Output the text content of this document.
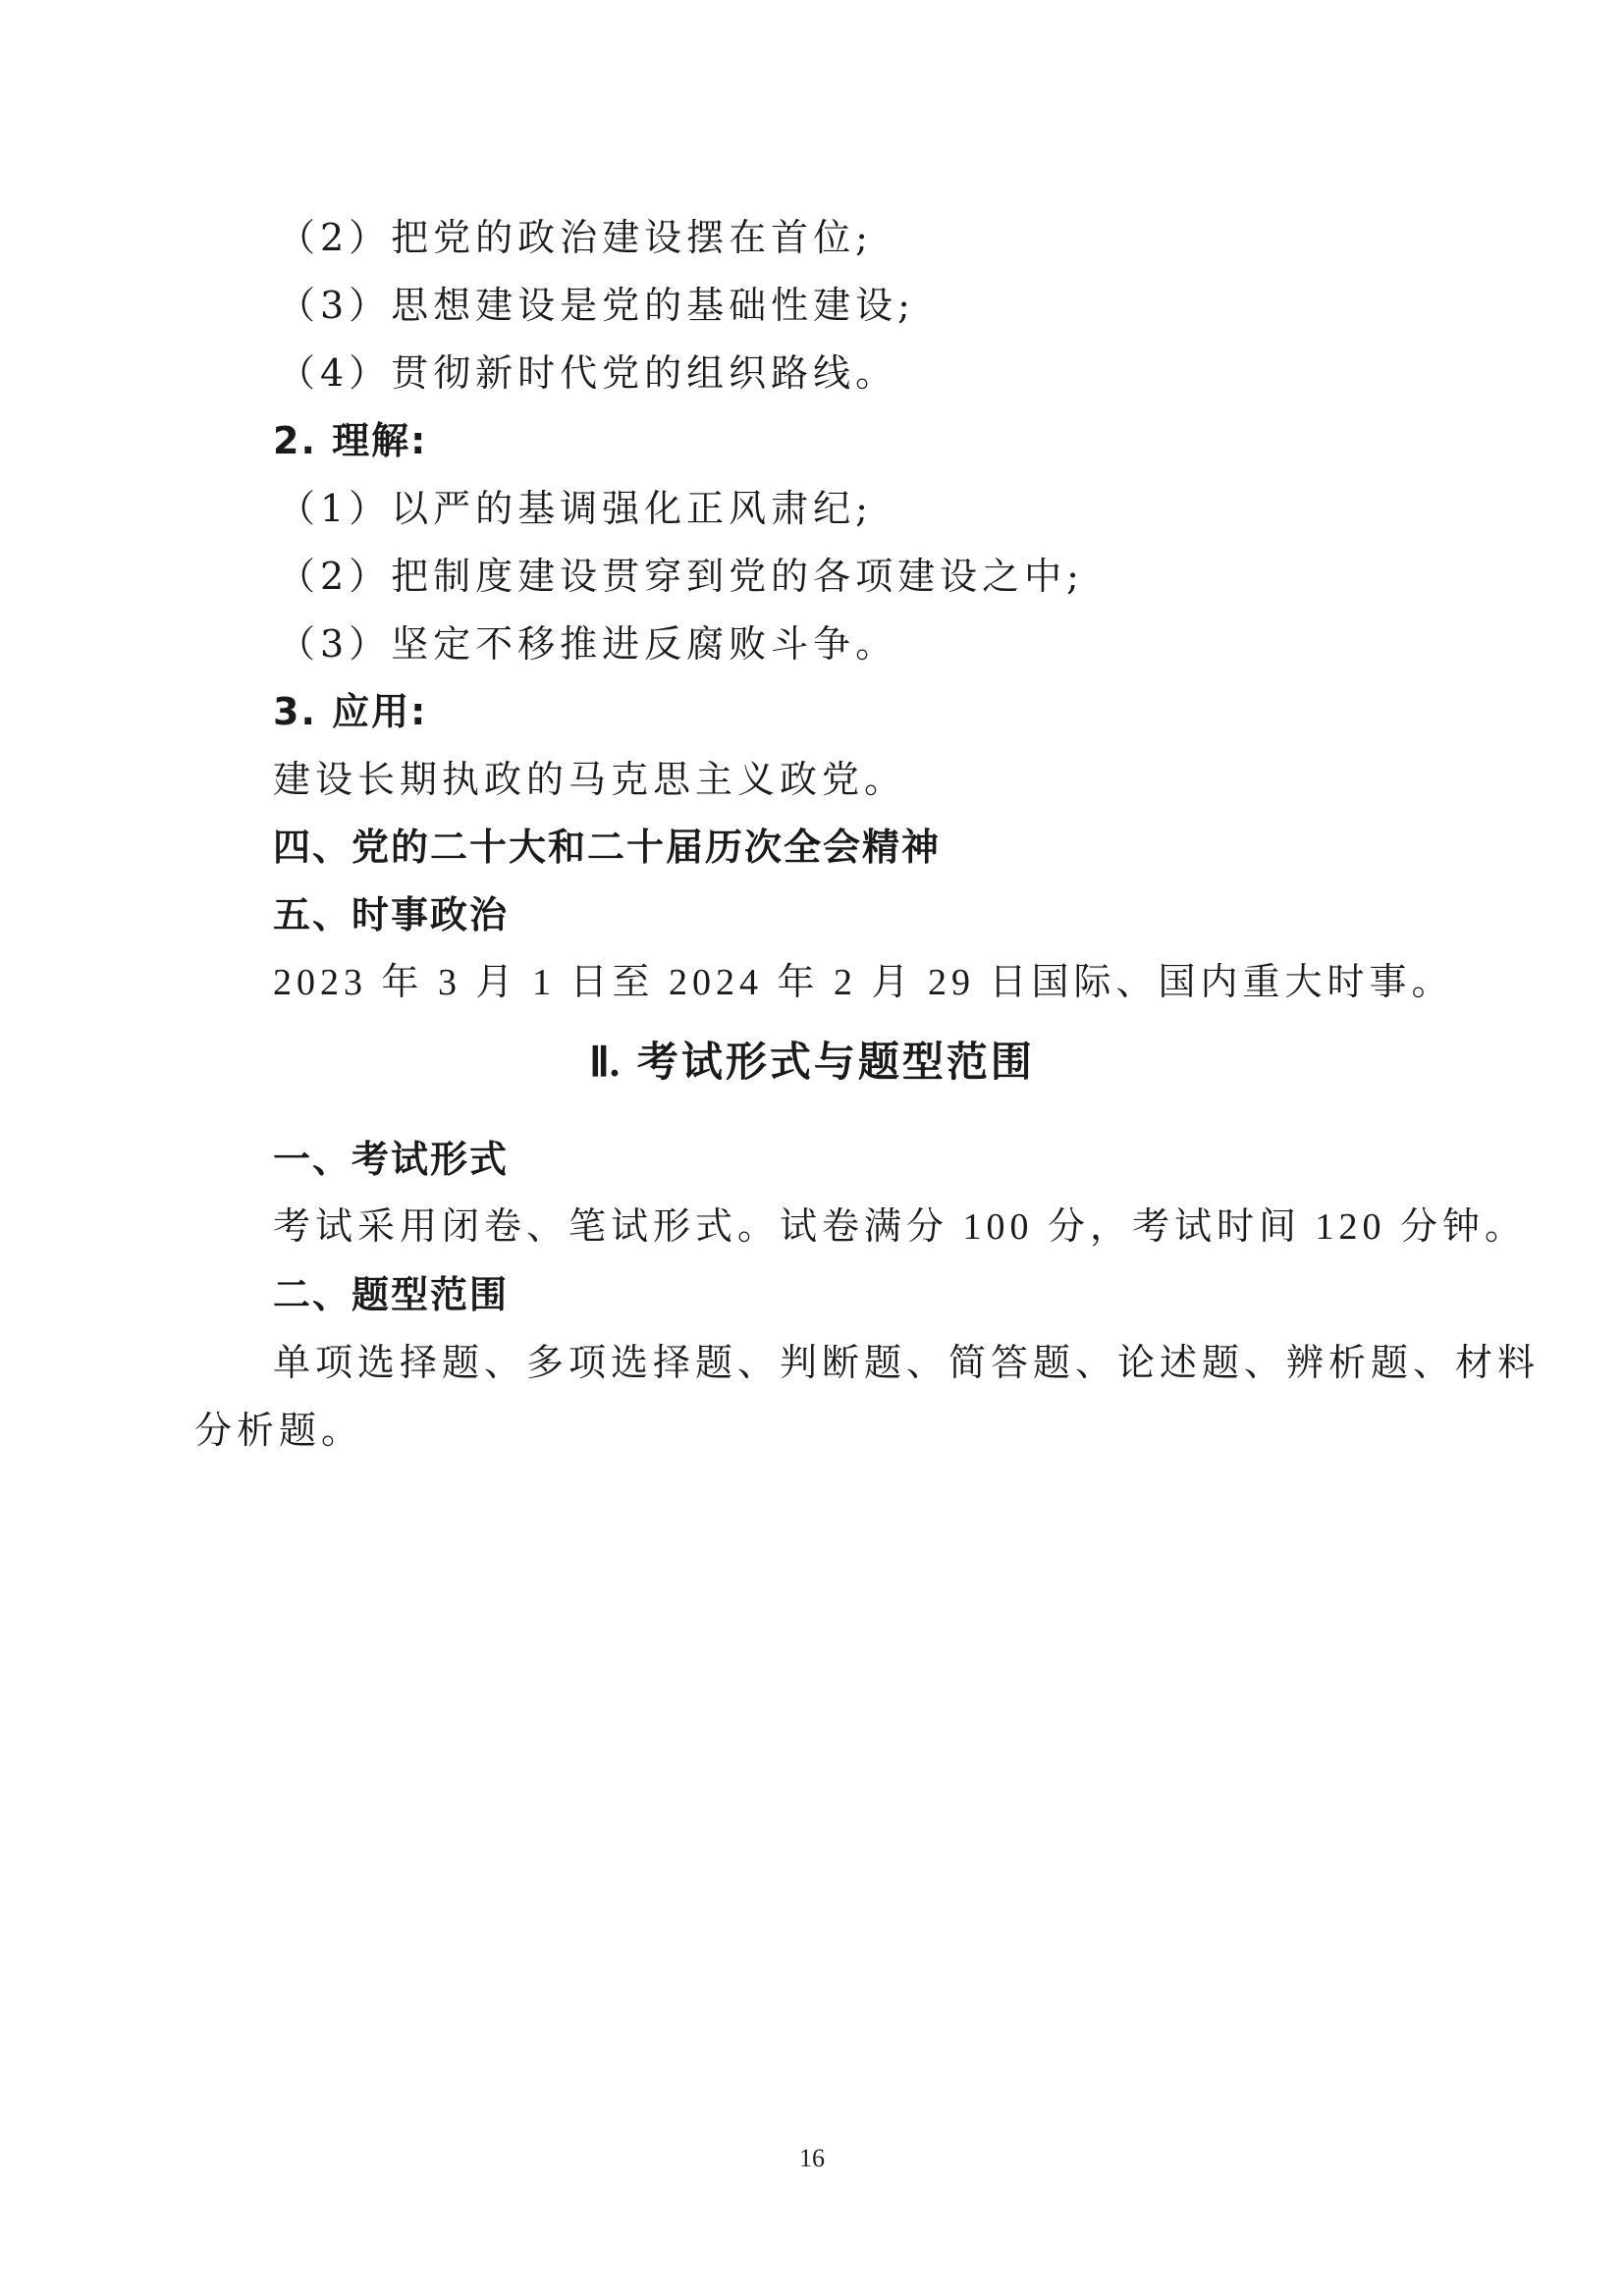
（2）把党的政治建设摆在首位;
（3）思想建设是党的基础性建设;
（4）贯彻新时代党的组织路线。
2. 理解:
（1）以严的基调强化正风肃纪;
（2）把制度建设贯穿到党的各项建设之中;
（3）坚定不移推进反腐败斗争。
3. 应用:
建设长期执政的马克思主义政党。
四、党的二十大和二十届历次全会精神
五、时事政治
2023 年 3 月 1 日至 2024 年 2 月 29 日国际、国内重大时事。
Ⅱ. 考试形式与题型范围
一、考试形式
考试采用闭卷、笔试形式。试卷满分 100 分，考试时间 120 分钟。
二、题型范围
单项选择题、多项选择题、判断题、简答题、论述题、辨析题、材料
分析题。
16
